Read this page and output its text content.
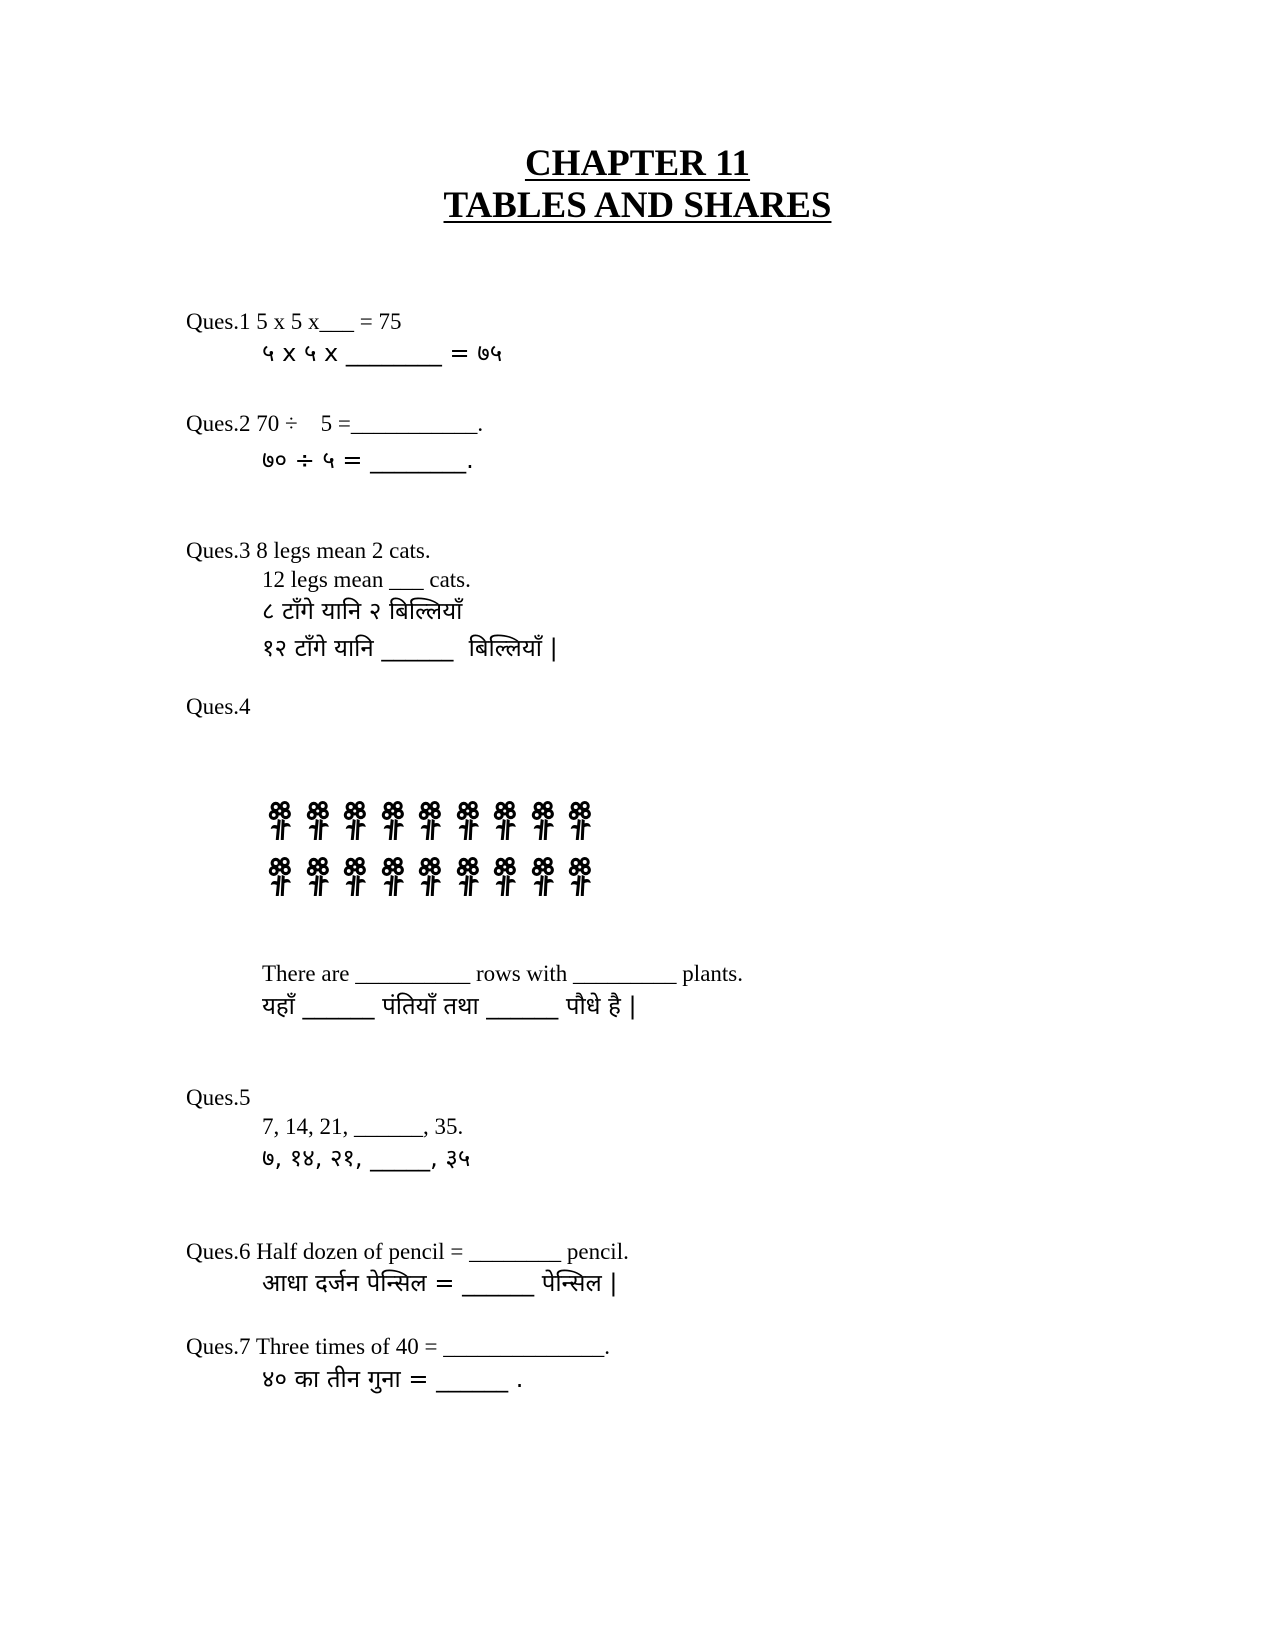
CHAPTER 11
TABLES AND SHARES
Ques.1 5 x 5 x___ = 75
५ x ५ x ________ = ७५
Ques.2 70 ÷    5 =___________.
७० ÷ ५ = ________.
Ques.3 8 legs mean 2 cats.
12 legs mean ___ cats.
८ टाँगे यानि २ बिल्लियाँ
१२ टाँगे यानि ______  बिल्लियाँ |
Ques.4
There are __________ rows with _________ plants.
यहाँ ______ पंतियाँ तथा ______ पौधे है |
Ques.5
7, 14, 21, ______, 35.
७, १४, २१, _____, ३५
Ques.6 Half dozen of pencil = ________ pencil.
आधा दर्जन पेन्सिल = ______ पेन्सिल |
Ques.7 Three times of 40 = ______________.
४० का तीन गुना = ______ .
